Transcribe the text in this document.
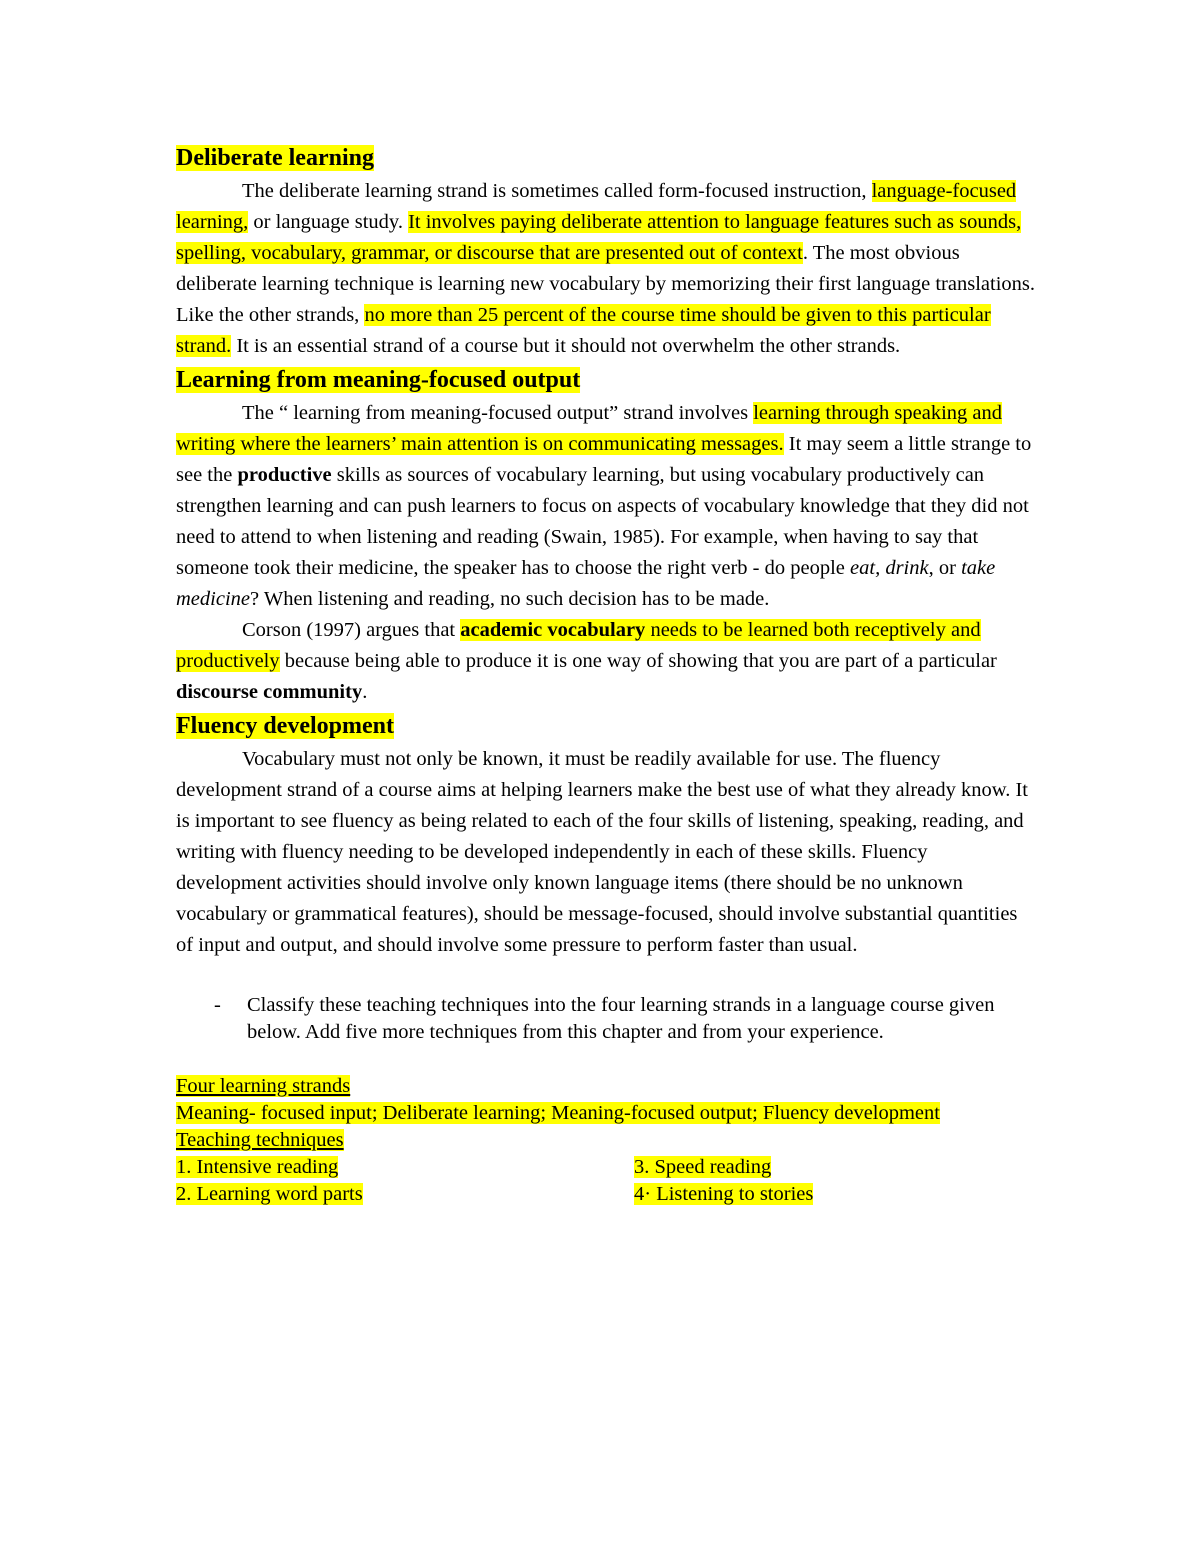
Deliberate learning

The deliberate learning strand is sometimes called form-focused instruction, language-focused learning, or language study. It involves paying deliberate attention to language features such as sounds, spelling, vocabulary, grammar, or discourse that are presented out of context. The most obvious deliberate learning technique is learning new vocabulary by memorizing their first language translations.

Like the other strands, no more than 25 percent of the course time should be given to this particular strand. It is an essential strand of a course but it should not overwhelm the other strands.

Learning from meaning-focused output

The “ learning from meaning-focused output” strand involves learning through speaking and writing where the learners’ main attention is on communicating messages. It may seem a little strange to see the productive skills as sources of vocabulary learning, but using vocabulary productively can strengthen learning and can push learners to focus on aspects of vocabulary knowledge that they did not need to attend to when listening and reading (Swain, 1985). For example, when having to say that someone took their medicine, the speaker has to choose the right verb - do people eat, drink, or take medicine? When listening and reading, no such decision has to be made.

Corson (1997) argues that academic vocabulary needs to be learned both receptively and productively because being able to produce it is one way of showing that you are part of a particular discourse community.

Fluency development

Vocabulary must not only be known, it must be readily available for use. The fluency development strand of a course aims at helping learners make the best use of what they already know. It is important to see fluency as being related to each of the four skills of listening, speaking, reading, and writing with fluency needing to be developed independently in each of these skills. Fluency development activities should involve only known language items (there should be no unknown vocabulary or grammatical features), should be message-focused, should involve substantial quantities of input and output, and should involve some pressure to perform faster than usual.

- Classify these teaching techniques into the four learning strands in a language course given below. Add five more techniques from this chapter and from your experience.
Four learning strands
Meaning- focused input; Deliberate learning; Meaning-focused output; Fluency development
Teaching techniques
1. Intensive reading	3. Speed reading
2. Learning word parts	4· Listening to stories
